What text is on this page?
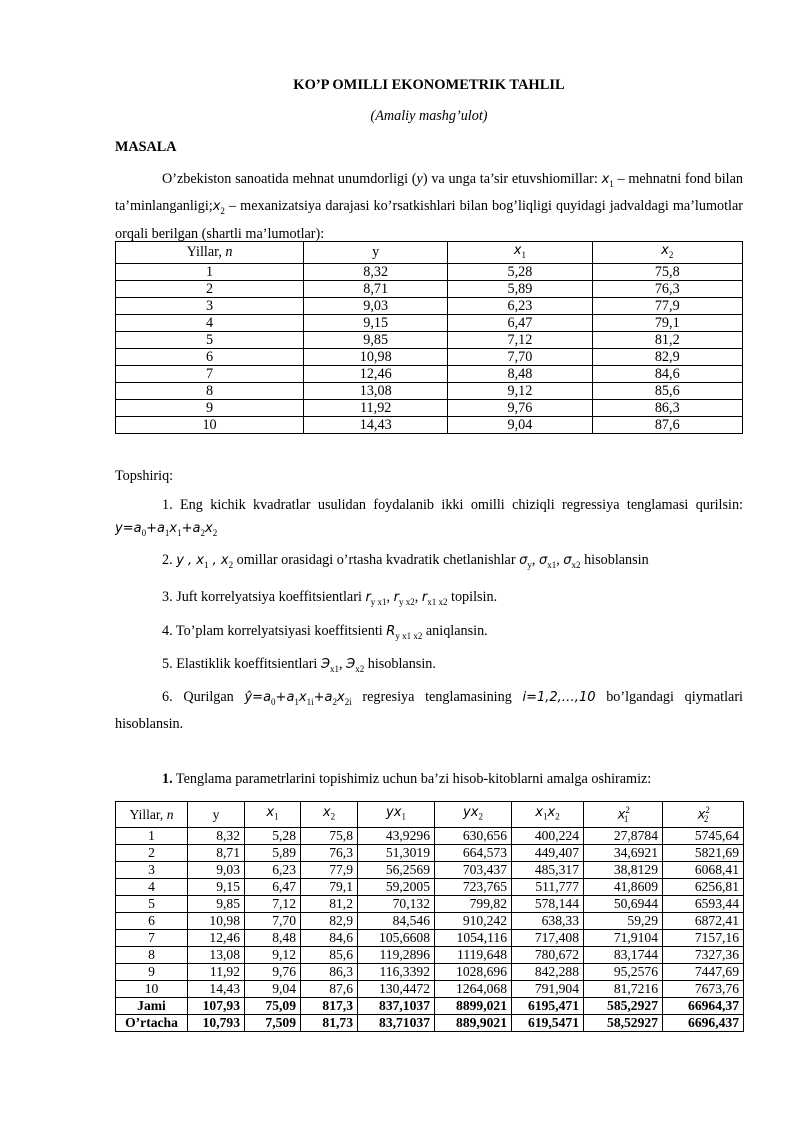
KO’P OMILLI EKONOMETRIK TAHLIL
(Amaliy mashg’ulot)
MASALA
O’zbekiston sanoatida mehnat unumdorligi (y) va unga ta’sir etuvshiomillar: $x_1$ – mehnatni fond bilan $ta’minlanganligi;x_2$ – mexanizatsiya darajasi ko’rsatkishlari bilan bog’liqligi quyidagi jadvaldagi ma’lumotlar orqali berilgan (shartli ma’lumotlar):
Yillar, n	y	$x_1$	$x_2$
1	8,32	5,28	75,8
2	8,71	5,89	76,3
3	9,03	6,23	77,9
4	9,15	6,47	79,1
5	9,85	7,12	81,2
6	10,98	7,70	82,9
7	12,46	8,48	84,6
8	13,08	9,12	85,6
9	11,92	9,76	86,3
10	14,43	9,04	87,6
Topshiriq:
1. Eng kichik kvadratlar usulidan foydalanib ikki omilli chiziqli regressiya tenglamasi qurilsin: $y=a_0+a_1x_1+a_2x_2$
2. y , $x_1$ , $x_2$ omillar orasidagi o’rtasha kvadratik chetlanishlar $\sigma_y$, $\sigma_{x1}$, $\sigma_{x2}$ hisoblansin
3. Juft korrelyatsiya koeffitsientlari $r_{y x1}$, $r_{y x2}$, $r_{x1 x2}$ topilsin.
4. To’plam korrelyatsiyasi koeffitsienti $R_{y x1 x2}$ aniqlansin.
5. Elastiklik koeffitsientlari $Э_{x1}$, $Э_{x2}$ hisoblansin.
6. Qurilgan $ŷ=a_0+a_1x_{1i}+a_2x_{2i}$ regresiya tenglamasining i=1,2,…,10 bo’lgandagi qiymatlari hisoblansin.
1. Tenglama parametrlarini topishimiz uchun ba’zi hisob-kitoblarni amalga oshiramiz:
Yillar, n	y	$x_1$	$x_2$	$yx_1$	$yx_2$	$x_1x_2$	$x^2_1$	$x^2_2$
1	8,32	5,28	75,8	43,9296	630,656	400,224	27,8784	5745,64
2	8,71	5,89	76,3	51,3019	664,573	449,407	34,6921	5821,69
3	9,03	6,23	77,9	56,2569	703,437	485,317	38,8129	6068,41
4	9,15	6,47	79,1	59,2005	723,765	511,777	41,8609	6256,81
5	9,85	7,12	81,2	70,132	799,82	578,144	50,6944	6593,44
6	10,98	7,70	82,9	84,546	910,242	638,33	59,29	6872,41
7	12,46	8,48	84,6	105,6608	1054,116	717,408	71,9104	7157,16
8	13,08	9,12	85,6	119,2896	1119,648	780,672	83,1744	7327,36
9	11,92	9,76	86,3	116,3392	1028,696	842,288	95,2576	7447,69
10	14,43	9,04	87,6	130,4472	1264,068	791,904	81,7216	7673,76
Jami	107,93	75,09	817,3	837,1037	8899,021	6195,471	585,2927	66964,37
O’rtacha	10,793	7,509	81,73	83,71037	889,9021	619,5471	58,52927	6696,437
